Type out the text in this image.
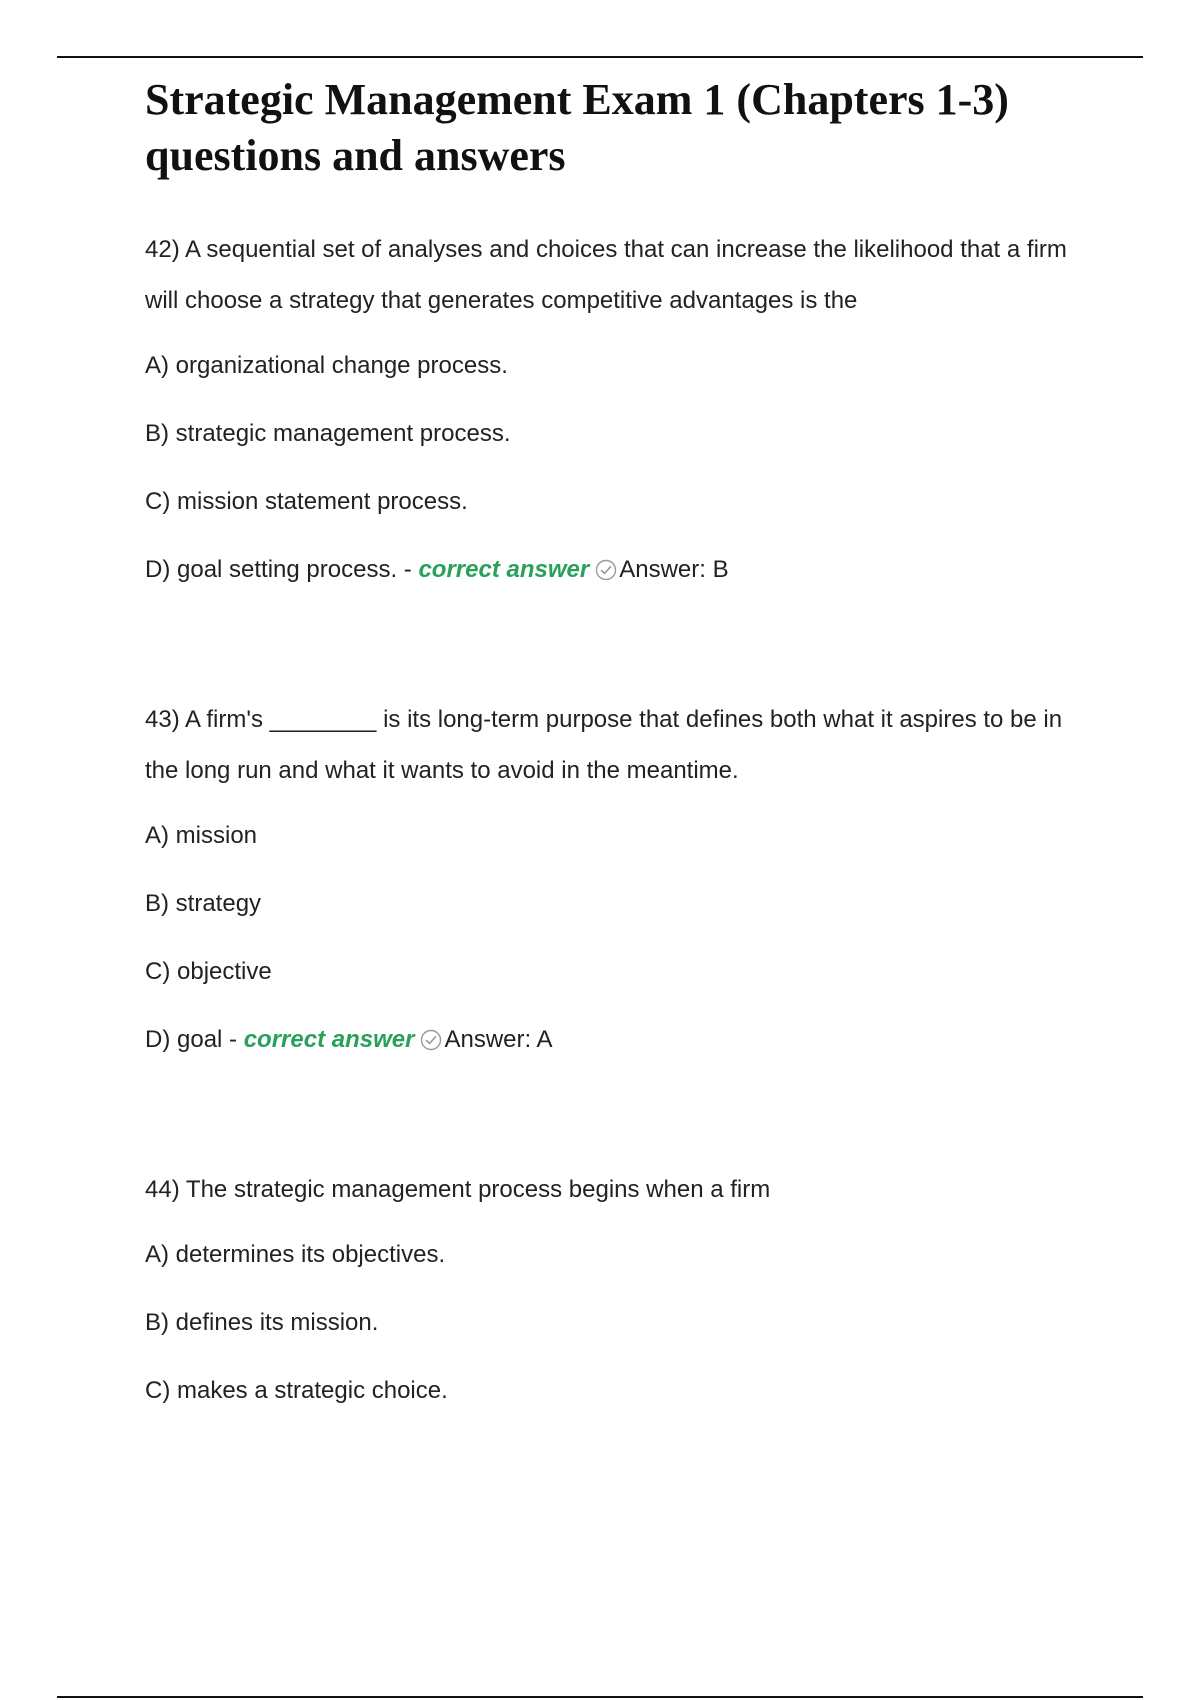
Strategic Management Exam 1 (Chapters 1-3) questions and answers

42) A sequential set of analyses and choices that can increase the likelihood that a firm will choose a strategy that generates competitive advantages is the

A) organizational change process.

B) strategic management process.

C) mission statement process.

D) goal setting process. - correct answer Answer: B

43) A firm's ________ is its long-term purpose that defines both what it aspires to be in the long run and what it wants to avoid in the meantime.

A) mission

B) strategy

C) objective

D) goal - correct answer Answer: A

44) The strategic management process begins when a firm

A) determines its objectives.

B) defines its mission.

C) makes a strategic choice.
